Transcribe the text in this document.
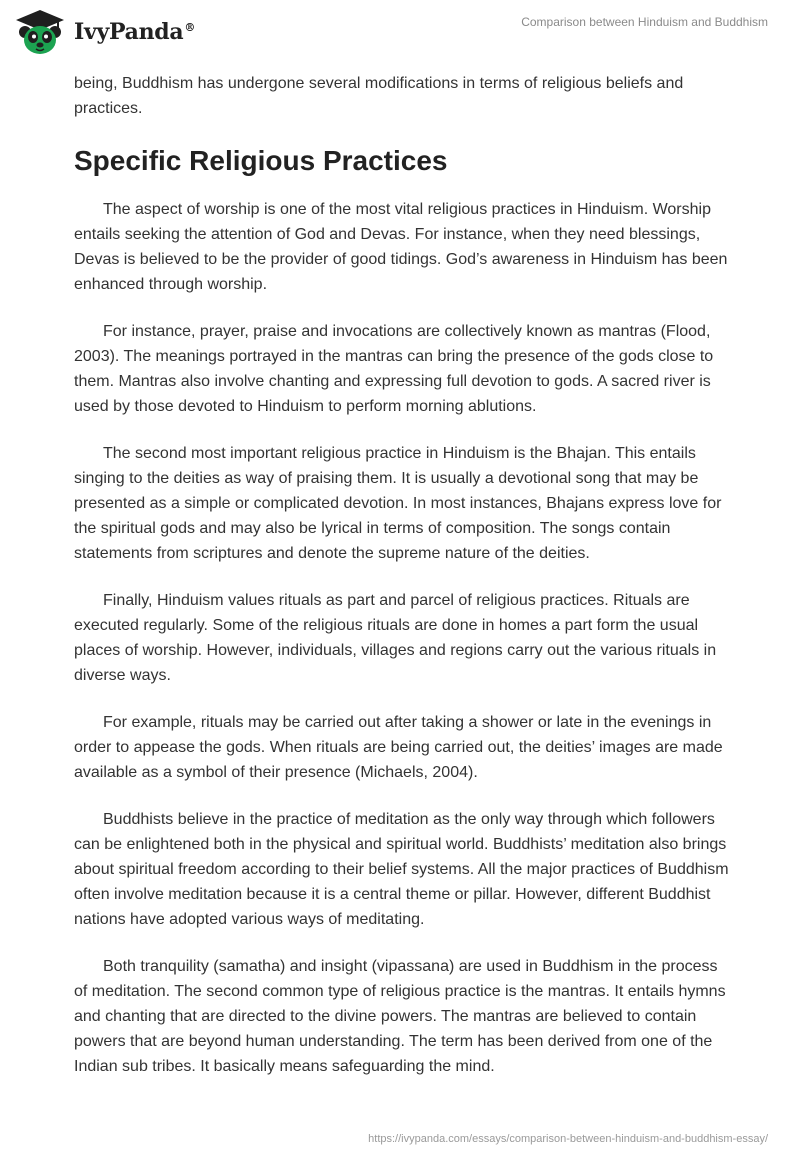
IvyPanda®	Comparison between Hinduism and Buddhism

being, Buddhism has undergone several modifications in terms of religious beliefs and practices.

Specific Religious Practices

The aspect of worship is one of the most vital religious practices in Hinduism. Worship entails seeking the attention of God and Devas. For instance, when they need blessings, Devas is believed to be the provider of good tidings. God’s awareness in Hinduism has been enhanced through worship.

For instance, prayer, praise and invocations are collectively known as mantras (Flood, 2003). The meanings portrayed in the mantras can bring the presence of the gods close to them. Mantras also involve chanting and expressing full devotion to gods. A sacred river is used by those devoted to Hinduism to perform morning ablutions.

The second most important religious practice in Hinduism is the Bhajan. This entails singing to the deities as way of praising them. It is usually a devotional song that may be presented as a simple or complicated devotion. In most instances, Bhajans express love for the spiritual gods and may also be lyrical in terms of composition. The songs contain statements from scriptures and denote the supreme nature of the deities.

Finally, Hinduism values rituals as part and parcel of religious practices. Rituals are executed regularly. Some of the religious rituals are done in homes a part form the usual places of worship. However, individuals, villages and regions carry out the various rituals in diverse ways.

For example, rituals may be carried out after taking a shower or late in the evenings in order to appease the gods. When rituals are being carried out, the deities’ images are made available as a symbol of their presence (Michaels, 2004).

Buddhists believe in the practice of meditation as the only way through which followers can be enlightened both in the physical and spiritual world. Buddhists’ meditation also brings about spiritual freedom according to their belief systems. All the major practices of Buddhism often involve meditation because it is a central theme or pillar. However, different Buddhist nations have adopted various ways of meditating.

Both tranquility (samatha) and insight (vipassana) are used in Buddhism in the process of meditation. The second common type of religious practice is the mantras. It entails hymns and chanting that are directed to the divine powers. The mantras are believed to contain powers that are beyond human understanding. The term has been derived from one of the Indian sub tribes. It basically means safeguarding the mind.

https://ivypanda.com/essays/comparison-between-hinduism-and-buddhism-essay/
